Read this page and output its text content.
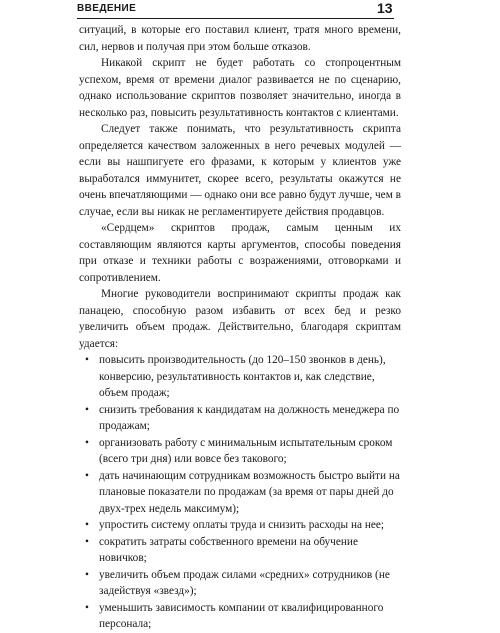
ВВЕДЕНИЕ	13

ситуаций, в которые его поставил клиент, тратя много времени, сил, нервов и получая при этом больше отказов.

Никакой скрипт не будет работать со стопроцентным успехом, время от времени диалог развивается не по сценарию, однако использование скриптов позволяет значительно, иногда в несколько раз, повысить результативность контактов с клиентами.

Следует также понимать, что результативность скрипта определяется качеством заложенных в него речевых модулей — если вы нашпигуете его фразами, к которым у клиентов уже выработался иммунитет, скорее всего, результаты окажутся не очень впечатляющими — однако они все равно будут лучше, чем в случае, если вы никак не регламентируете действия продавцов.

«Сердцем» скриптов продаж, самым ценным их составляющим являются карты аргументов, способы поведения при отказе и техники работы с возражениями, отговорками и сопротивлением.

Многие руководители воспринимают скрипты продаж как панацею, способную разом избавить от всех бед и резко увеличить объем продаж. Действительно, благодаря скриптам удается:

• повысить производительность (до 120–150 звонков в день), конверсию, результативность контактов и, как следствие, объем продаж;
• снизить требования к кандидатам на должность менеджера по продажам;
• организовать работу с минимальным испытательным сроком (всего три дня) или вовсе без такового;
• дать начинающим сотрудникам возможность быстро выйти на плановые показатели по продажам (за время от пары дней до двух-трех недель максимум);
• упростить систему оплаты труда и снизить расходы на нее;
• сократить затраты собственного времени на обучение новичков;
• увеличить объем продаж силами «средних» сотрудников (не задействуя «звезд»);
• уменьшить зависимость компании от квалифицированного персонала;
